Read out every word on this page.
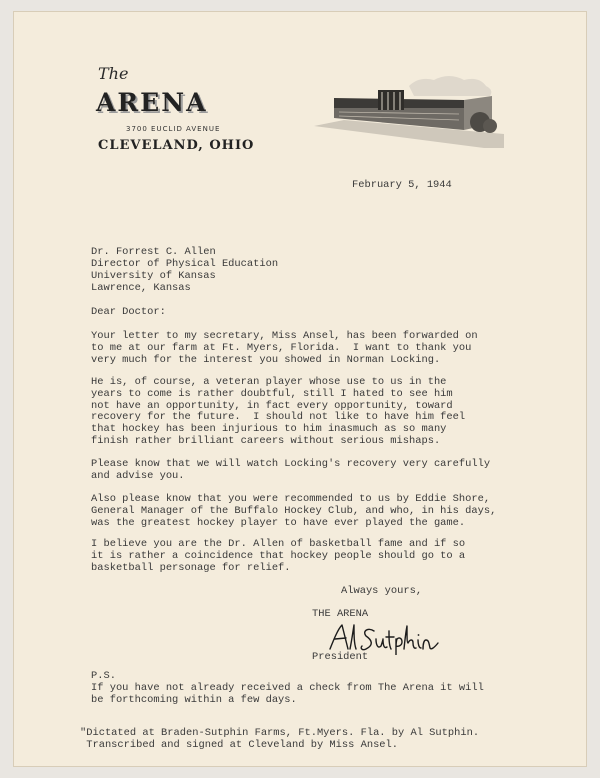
The

ARENA

3700 EUCLID AVENUE
CLEVELAND, OHIO
February 5, 1944
Dr. Forrest C. Allen
Director of Physical Education
University of Kansas
Lawrence, Kansas
Dear Doctor:
Your letter to my secretary, Miss Ansel, has been forwarded on
to me at our farm at Ft. Myers, Florida.  I want to thank you
very much for the interest you showed in Norman Locking.
He is, of course, a veteran player whose use to us in the
years to come is rather doubtful, still I hated to see him
not have an opportunity, in fact every opportunity, toward
recovery for the future.  I should not like to have him feel
that hockey has been injurious to him inasmuch as so many
finish rather brilliant careers without serious mishaps.
Please know that we will watch Locking's recovery very carefully
and advise you.
Also please know that you were recommended to us by Eddie Shore,
General Manager of the Buffalo Hockey Club, and who, in his days,
was the greatest hockey player to have ever played the game.
I believe you are the Dr. Allen of basketball fame and if so
it is rather a coincidence that hockey people should go to a
basketball personage for relief.
Always yours,
THE ARENA
President
P.S.
If you have not already received a check from The Arena it will
be forthcoming within a few days.
"Dictated at Braden-Sutphin Farms, Ft.Myers. Fla. by Al Sutphin.
Transcribed and signed at Cleveland by Miss Ansel.
